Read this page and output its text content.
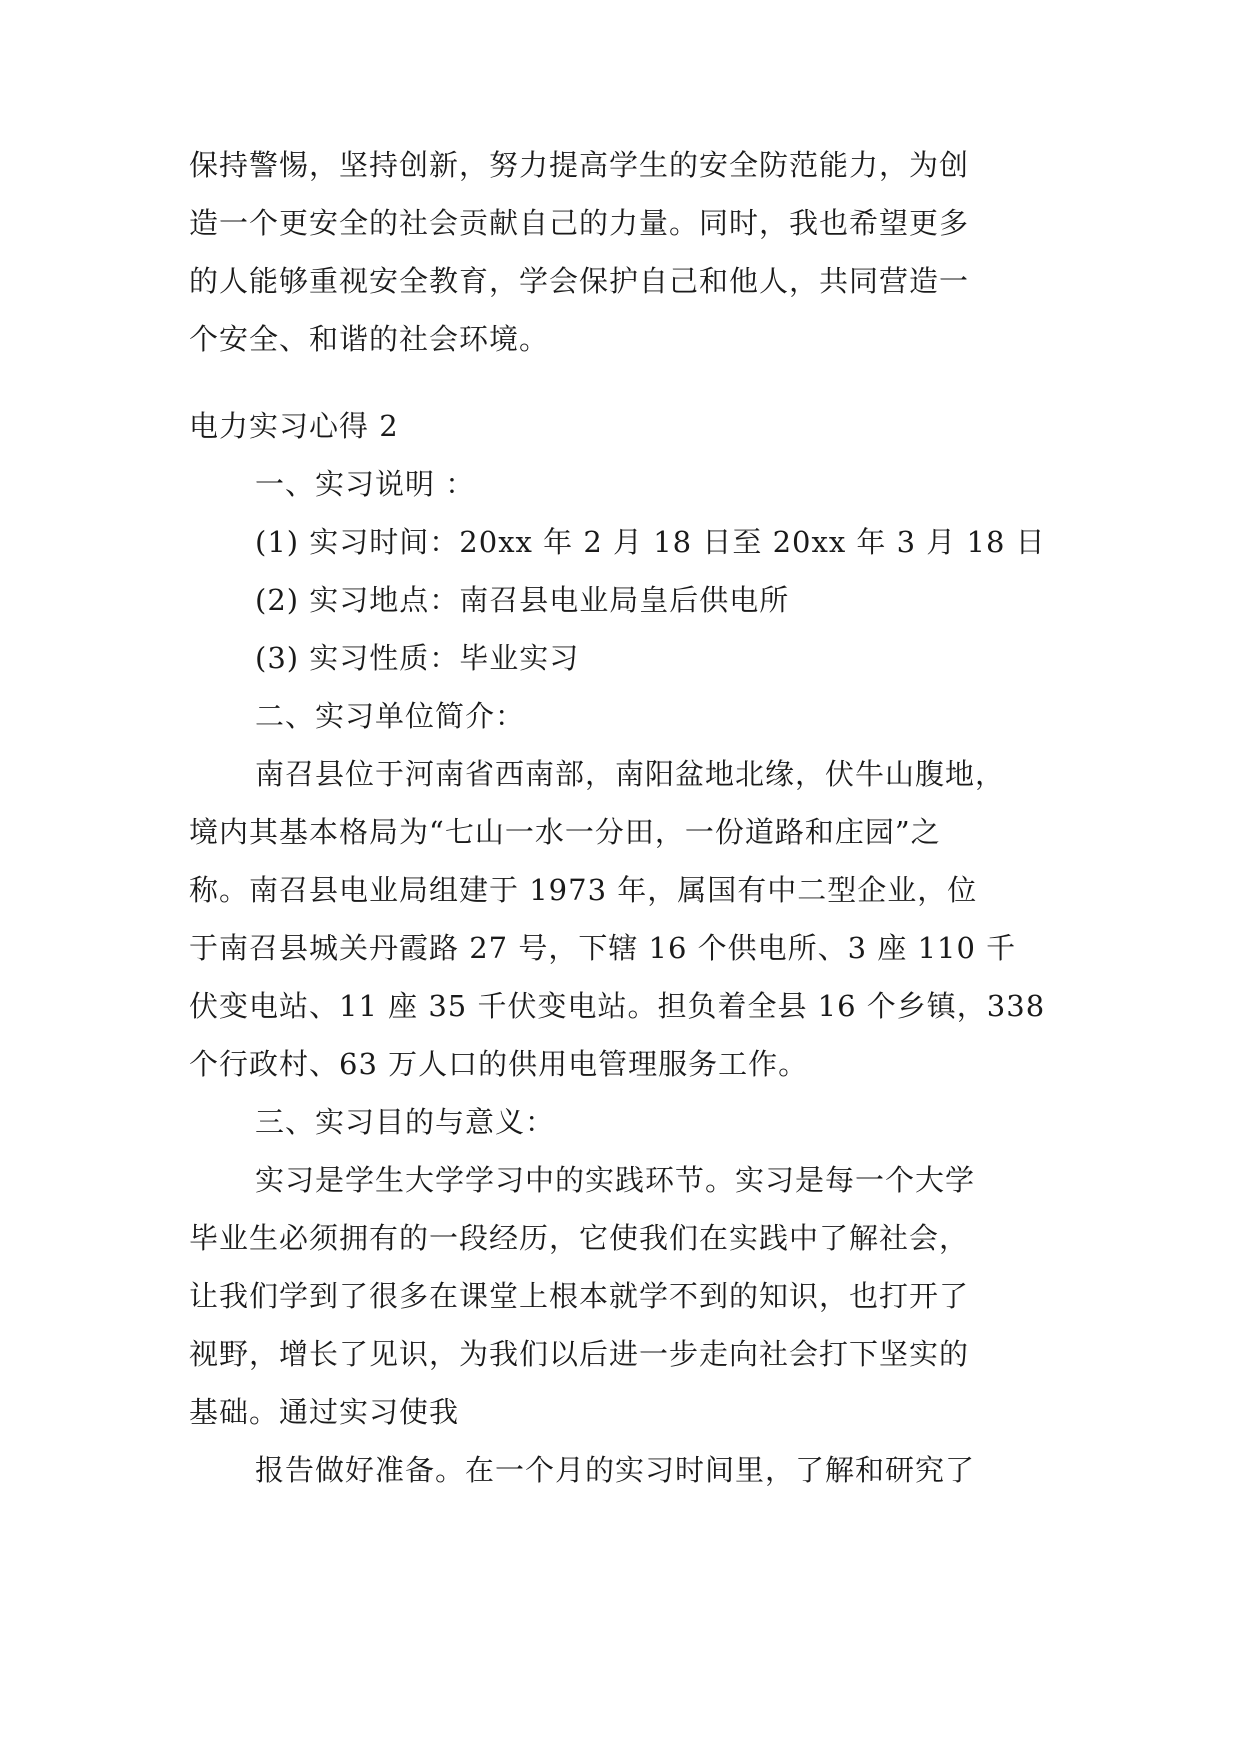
保持警惕，坚持创新，努力提高学生的安全防范能力，为创
造一个更安全的社会贡献自己的力量。同时，我也希望更多
的人能够重视安全教育，学会保护自己和他人，共同营造一
个安全、和谐的社会环境。
电力实习心得 2
一、实习说明 ：
(1) 实习时间：20xx 年 2 月 18 日至 20xx 年 3 月 18 日
(2) 实习地点：南召县电业局皇后供电所
(3) 实习性质：毕业实习
二、实习单位简介：
南召县位于河南省西南部，南阳盆地北缘，伏牛山腹地，
境内其基本格局为“七山一水一分田，一份道路和庄园”之
称。南召县电业局组建于 1973 年，属国有中二型企业，位
于南召县城关丹霞路 27 号，下辖 16 个供电所、3 座 110 千
伏变电站、11 座 35 千伏变电站。担负着全县 16 个乡镇，338
个行政村、63 万人口的供用电管理服务工作。
三、实习目的与意义：
实习是学生大学学习中的实践环节。实习是每一个大学
毕业生必须拥有的一段经历，它使我们在实践中了解社会，
让我们学到了很多在课堂上根本就学不到的知识，也打开了
视野，增长了见识，为我们以后进一步走向社会打下坚实的
基础。通过实习使我
报告做好准备。在一个月的实习时间里，了解和研究了
